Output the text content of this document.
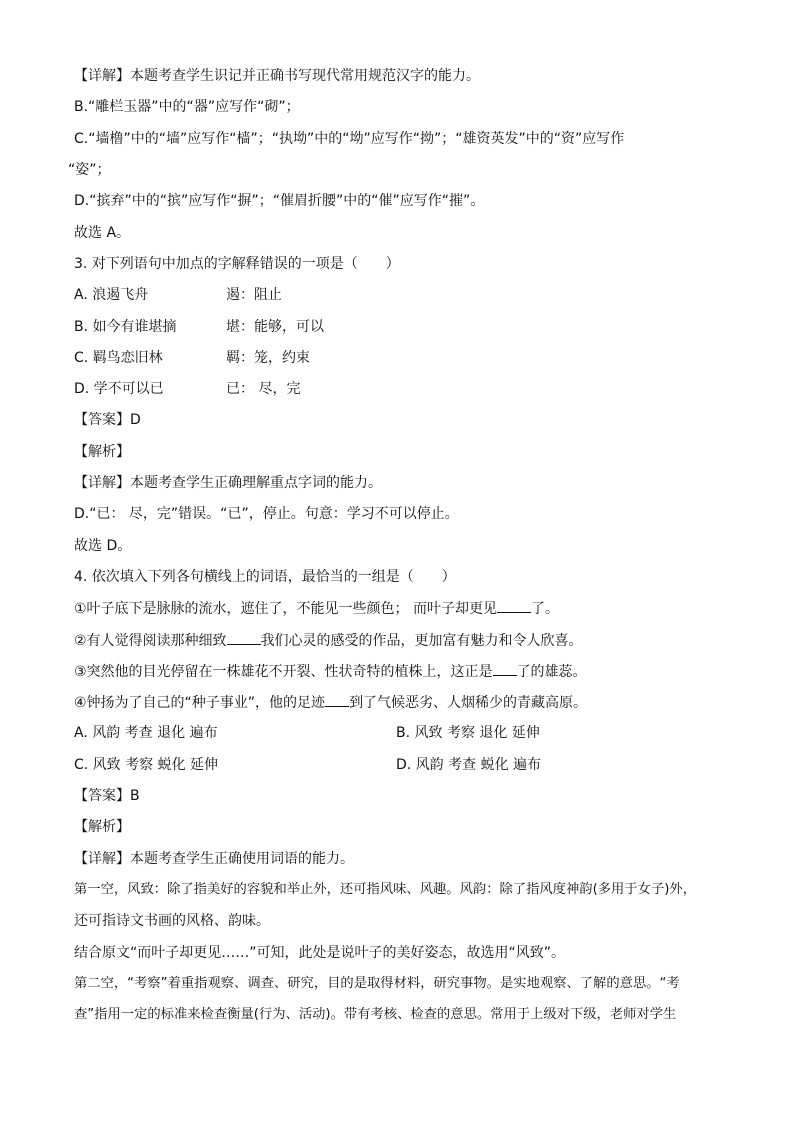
【详解】本题考查学生识记并正确书写现代常用规范汉字的能力。
B.“雕栏玉器”中的“器”应写作“砌”；
C.“墙橹”中的“墙”应写作“樯”；“执坳”中的“坳”应写作“拗”；“雄资英发”中的“资”应写作
“姿”；
D.“摈弃”中的“摈”应写作“摒”；“催眉折腰”中的“催”应写作“摧”。
故选 A。
3. 对下列语句中加点的字解释错误的一项是（　　）
A. 浪遏飞舟	遏：阻止
B. 如今有谁堪摘	堪：能够，可以
C. 羁鸟恋旧林	羁：笼，约束
D. 学不可以已	已： 尽，完
【答案】D
【解析】
【详解】本题考查学生正确理解重点字词的能力。
D.“已： 尽，完”错误。“已”，停止。句意：学习不可以停止。
故选 D。
4. 依次填入下列各句横线上的词语，最恰当的一组是（　　）
①叶子底下是脉脉的流水，遮住了，不能见一些颜色； 而叶子却更见 了。
②有人觉得阅读那种细致 我们心灵的感受的作品，更加富有魅力和令人欣喜。
③突然他的目光停留在一株雄花不开裂、性状奇特的植株上，这正是 了的雄蕊。
④钟扬为了自己的“种子事业”，他的足迹 到了气候恶劣、人烟稀少的青藏高原。
A. 风韵 考查 退化 遍布	B. 风致 考察 退化 延伸
C. 风致 考察 蜕化 延伸	D. 风韵 考查 蜕化 遍布
【答案】B
【解析】
【详解】本题考查学生正确使用词语的能力。
第一空，风致：除了指美好的容貌和举止外，还可指风味、风趣。风韵：除了指风度神韵(多用于女子)外，
还可指诗文书画的风格、韵味。
结合原文“而叶子却更见……”可知，此处是说叶子的美好姿态，故选用“风致”。
第二空，“考察”着重指观察、调查、研究，目的是取得材料，研究事物。是实地观察、了解的意思。“考
查”指用一定的标准来检查衡量(行为、活动)。带有考核、检查的意思。常用于上级对下级，老师对学生
